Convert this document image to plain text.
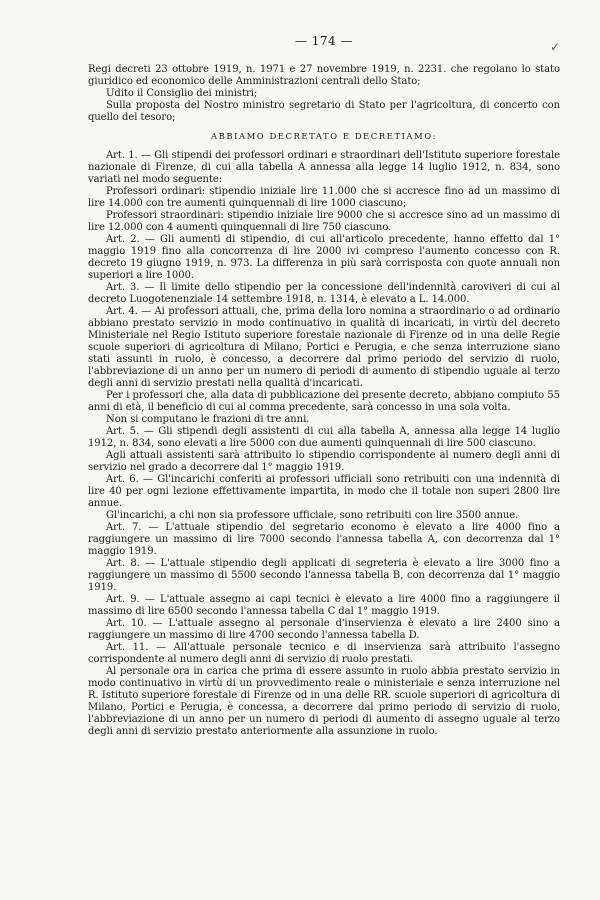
— 174 —	✓

Regi decreti 23 ottobre 1919, n. 1971 e 27 novembre 1919, n. 2231. che regolano lo stato giuridico ed economico delle Amministrazioni centrali dello Stato;

Udito il Consiglio dei ministri;

Sulla proposta del Nostro ministro segretario di Stato per l'agricoltura, di concerto con quello del tesoro;

ABBIAMO DECRETATO E DECRETIAMO:

Art. 1. — Gli stipendi dei professori ordinari e straordinari dell'Istituto superiore forestale nazionale di Firenze, di cui alla tabella A annessa alla legge 14 luglio 1912, n. 834, sono variati nel modo seguente:

Professori ordinari: stipendio iniziale lire 11.000 che si accresce fino ad un massimo di lire 14.000 con tre aumenti quinquennali di lire 1000 ciascuno;

Professori straordinari: stipendio iniziale lire 9000 che si accresce sino ad un massimo di lire 12.000 con 4 aumenti quinquennali di lire 750 ciascuno.

Art. 2. — Gli aumenti di stipendio, di cui all'articolo precedente, hanno effetto dal 1° maggio 1919 fino alla concorrenza di lire 2000 ivi compreso l'aumento concesso con R. decreto 19 giugno 1919, n. 973. La differenza in più sarà corrisposta con quote annuali non superiori a lire 1000.

Art. 3. — Il limite dello stipendio per la concessione dell'indennità caroviveri di cui al decreto Luogotenenziale 14 settembre 1918, n. 1314, è elevato a L. 14.000.

Art. 4. — Ai professori attuali, che, prima della loro nomina a straordinario o ad ordinario abbiano prestato servizio in modo continuativo in qualità di incaricati, in virtù del decreto Ministeriale nel Regio Istituto superiore forestale nazionale di Firenze od in una delle Regie scuole superiori di agricoltura di Milano, Portici e Perugia, e che senza interruzione siano stati assunti in ruolo, è concesso, a decorrere dal primo periodo del servizio di ruolo, l'abbreviazione di un anno per un numero di periodi di aumento di stipendio uguale al terzo degli anni di servizio prestati nella qualità d'incaricati.

Per i professori che, alla data di pubblicazione del presente decreto, abbiano compiuto 55 anni di età, il beneficio di cui al comma precedente, sarà concesso in una sola volta.

Non si computano le frazioni di tre anni.

Art. 5. — Gli stipendi degli assistenti di cui alla tabella A, annessa alla legge 14 luglio 1912, n. 834, sono elevati a lire 5000 con due aumenti quinquennali di lire 500 ciascuno.

Agli attuali assistenti sarà attribuito lo stipendio corrispondente al numero degli anni di servizio nel grado a decorrere dal 1° maggio 1919.

Art. 6. — Gl'incarichi conferiti ai professori ufficiali sono retribuiti con una indennità di lire 40 per ogni lezione effettivamente impartita, in modo che il totale non superi 2800 lire annue.

Gl'incarichi, a chi non sia professore ufficiale, sono retribuiti con lire 3500 annue.

Art. 7. — L'attuale stipendio del segretario economo è elevato a lire 4000 fino a raggiungere un massimo di lire 7000 secondo l'annessa tabella A, con decorrenza dal 1° maggio 1919.

Art. 8. — L'attuale stipendio degli applicati di segreteria è elevato a lire 3000 fino a raggiungere un massimo di 5500 secondo l'annessa tabella B, con decorrenza dal 1° maggio 1919.

Art. 9. — L'attuale assegno ai capi tecnici è elevato a lire 4000 fino a raggiungere il massimo di lire 6500 secondo l'annessa tabella C dal 1° maggio 1919.

Art. 10. — L'attuale assegno al personale d'inservienza è elevato a lire 2400 sino a raggiungere un massimo di lire 4700 secondo l'annessa tabella D.

Art. 11. — All'attuale personale tecnico e di inservienza sarà attribuito l'assegno corrispondente al numero degli anni di servizio di ruolo prestati.

Al personale ora in carica che prima di essere assunto in ruolo abbia prestato servizio in modo continuativo in virtù di un provvedimento reale o ministeriale e senza interruzione nel R. Istituto superiore forestale di Firenze od in una delle RR. scuole superiori di agricoltura di Milano, Portici e Perugia, è concessa, a decorrere dal primo periodo di servizio di ruolo, l'abbreviazione di un anno per un numero di periodi di aumento di assegno uguale al terzo degli anni di servizio prestato anteriormente alla assunzione in ruolo.
